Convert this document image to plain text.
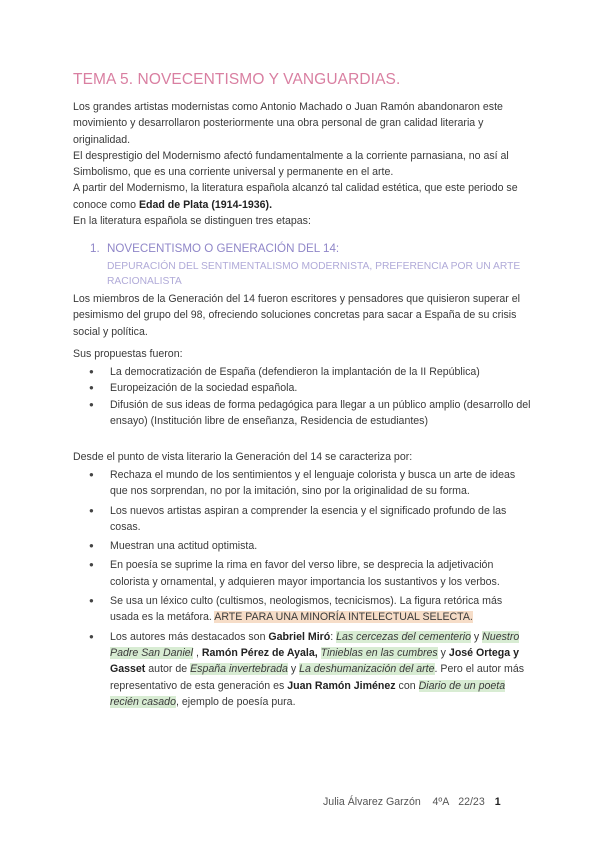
TEMA 5. NOVECENTISMO Y VANGUARDIAS.

Los grandes artistas modernistas como Antonio Machado o Juan Ramón abandonaron este movimiento y desarrollaron posteriormente una obra personal de gran calidad literaria y originalidad.

El desprestigio del Modernismo afectó fundamentalmente a la corriente parnasiana, no así al Simbolismo, que es una corriente universal y permanente en el arte.

A partir del Modernismo, la literatura española alcanzó tal calidad estética, que este periodo se conoce como Edad de Plata (1914-1936).

En la literatura española se distinguen tres etapas:

1. NOVECENTISMO O GENERACIÓN DEL 14:
DEPURACIÓN DEL SENTIMENTALISMO MODERNISTA, PREFERENCIA POR UN ARTE RACIONALISTA

Los miembros de la Generación del 14 fueron escritores y pensadores que quisieron superar el pesimismo del grupo del 98, ofreciendo soluciones concretas para sacar a España de su crisis social y política.

Sus propuestas fueron:
● La democratización de España (defendieron la implantación de la II República)
● Europeización de la sociedad española.
● Difusión de sus ideas de forma pedagógica para llegar a un público amplio (desarrollo del ensayo) (Institución libre de enseñanza, Residencia de estudiantes)
Desde el punto de vista literario la Generación del 14 se caracteriza por:
● Rechaza el mundo de los sentimientos y el lenguaje colorista y busca un arte de ideas que nos sorprendan, no por la imitación, sino por la originalidad de su forma.
● Los nuevos artistas aspiran a comprender la esencia y el significado profundo de las cosas.
● Muestran una actitud optimista.
● En poesía se suprime la rima en favor del verso libre, se desprecia la adjetivación colorista y ornamental, y adquieren mayor importancia los sustantivos y los verbos.
● Se usa un léxico culto (cultismos, neologismos, tecnicismos). La figura retórica más usada es la metáfora. ARTE PARA UNA MINORÍA INTELECTUAL SELECTA.
● Los autores más destacados son Gabriel Miró: Las cercezas del cementerio y Nuestro Padre San Daniel , Ramón Pérez de Ayala, Tinieblas en las cumbres y José Ortega y Gasset autor de España invertebrada y La deshumanización del arte. Pero el autor más representativo de esta generación es Juan Ramón Jiménez con Diario de un poeta recién casado, ejemplo de poesía pura.
Julia Álvarez Garzón 4ºA 22/23 1
